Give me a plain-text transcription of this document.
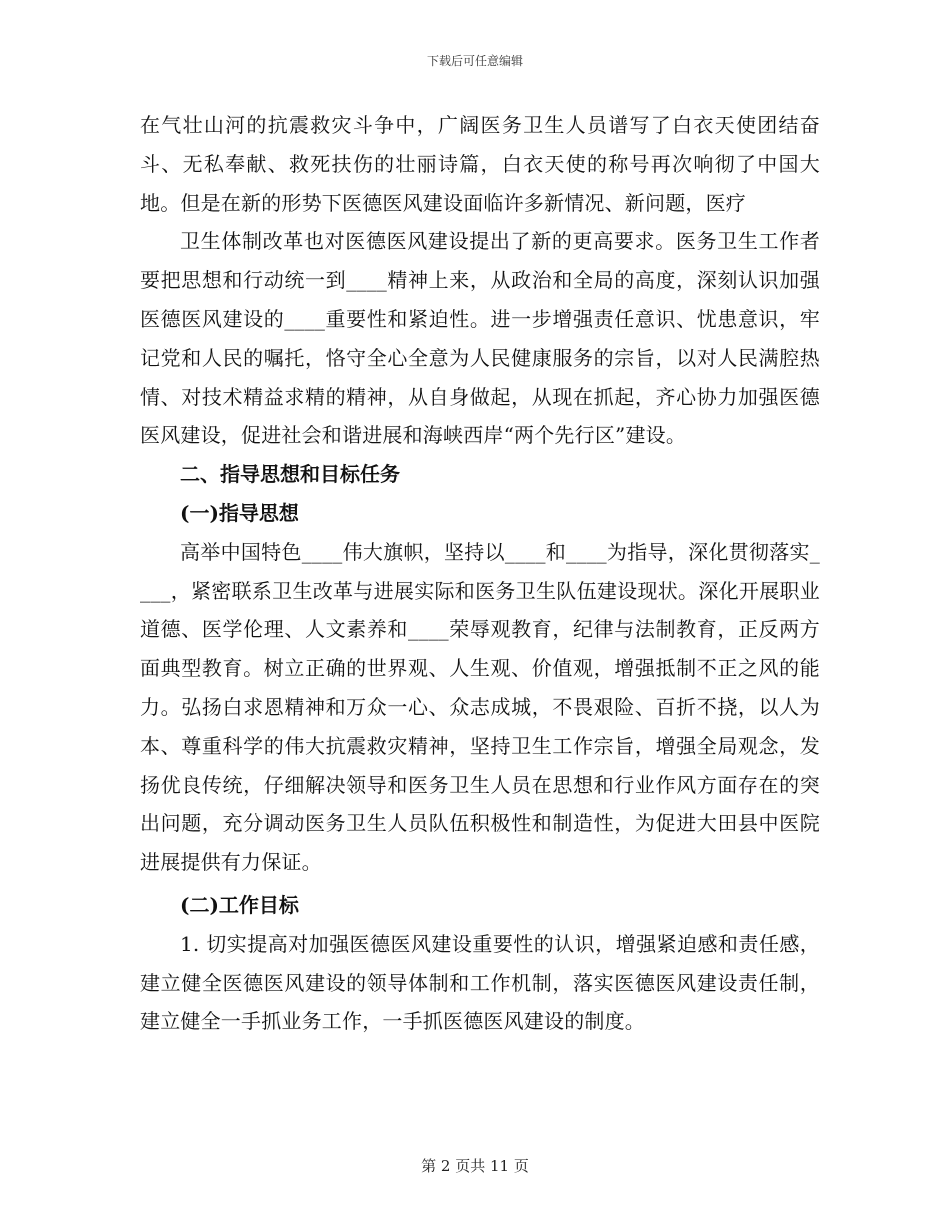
下载后可任意编辑

在气壮山河的抗震救灾斗争中，广阔医务卫生人员谱写了白衣天使团结奋斗、无私奉献、救死扶伤的壮丽诗篇，白衣天使的称号再次响彻了中国大地。但是在新的形势下医德医风建设面临许多新情况、新问题，医疗

卫生体制改革也对医德医风建设提出了新的更高要求。医务卫生工作者要把思想和行动统一到____精神上来，从政治和全局的高度，深刻认识加强医德医风建设的____重要性和紧迫性。进一步增强责任意识、忧患意识，牢记党和人民的嘱托，恪守全心全意为人民健康服务的宗旨，以对人民满腔热情、对技术精益求精的精神，从自身做起，从现在抓起，齐心协力加强医德医风建设，促进社会和谐进展和海峡西岸“两个先行区”建设。

二、指导思想和目标任务

(一)指导思想

高举中国特色____伟大旗帜，坚持以____和____为指导，深化贯彻落实____，紧密联系卫生改革与进展实际和医务卫生队伍建设现状。深化开展职业道德、医学伦理、人文素养和____荣辱观教育，纪律与法制教育，正反两方面典型教育。树立正确的世界观、人生观、价值观，增强抵制不正之风的能力。弘扬白求恩精神和万众一心、众志成城，不畏艰险、百折不挠，以人为本、尊重科学的伟大抗震救灾精神，坚持卫生工作宗旨，增强全局观念，发扬优良传统，仔细解决领导和医务卫生人员在思想和行业作风方面存在的突出问题，充分调动医务卫生人员队伍积极性和制造性，为促进大田县中医院进展提供有力保证。

(二)工作目标

1. 切实提高对加强医德医风建设重要性的认识，增强紧迫感和责任感，建立健全医德医风建设的领导体制和工作机制，落实医德医风建设责任制，建立健全一手抓业务工作，一手抓医德医风建设的制度。

第 2 页共 11 页
